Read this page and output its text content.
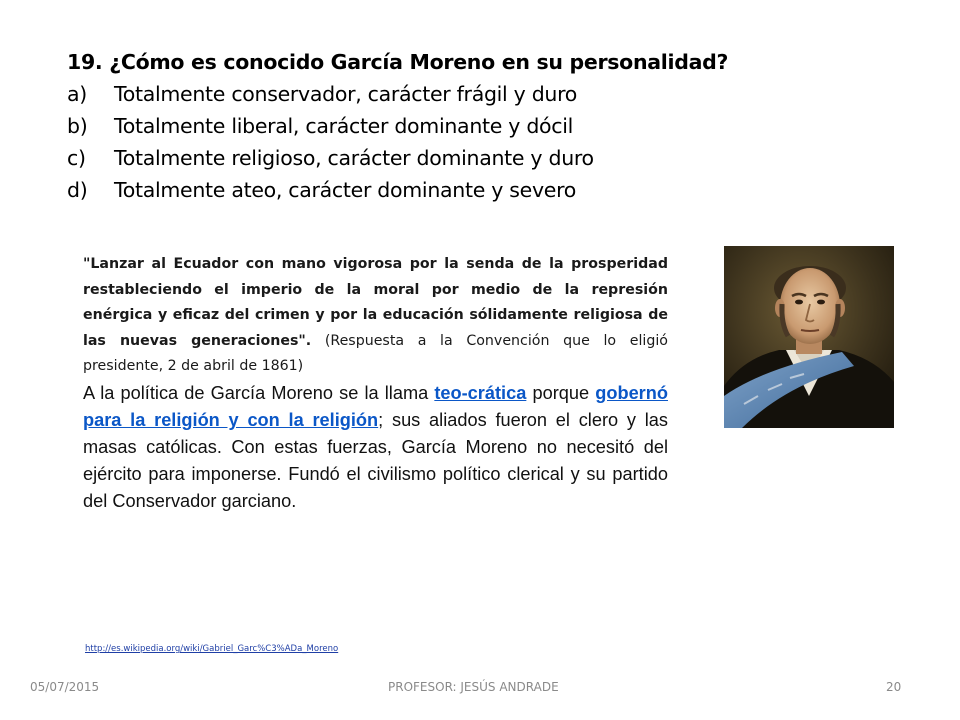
19. ¿Cómo es conocido García Moreno en su personalidad?
a)	Totalmente conservador, carácter frágil y duro
b)	Totalmente liberal, carácter dominante y dócil
c)	Totalmente religioso, carácter dominante y duro
d)	Totalmente ateo, carácter dominante y severo
"Lanzar al Ecuador con mano vigorosa por la senda de la prosperidad restableciendo el imperio de la moral por medio de la represión enérgica y eficaz del crimen y por la educación sólidamente religiosa de las nuevas generaciones". (Respuesta a la Convención que lo eligió presidente, 2 de abril de 1861)
A la política de García Moreno se la llama teo-crática porque gobernó para la religión y con la religión; sus aliados fueron el clero y las masas católicas. Con estas fuerzas, García Moreno no necesitó del ejército para imponerse. Fundó el civilismo político clerical y su partido del Conservador garciano.
http://es.wikipedia.org/wiki/Gabriel_Garc%C3%ADa_Moreno
05/07/2015	PROFESOR: JESÚS ANDRADE	20
